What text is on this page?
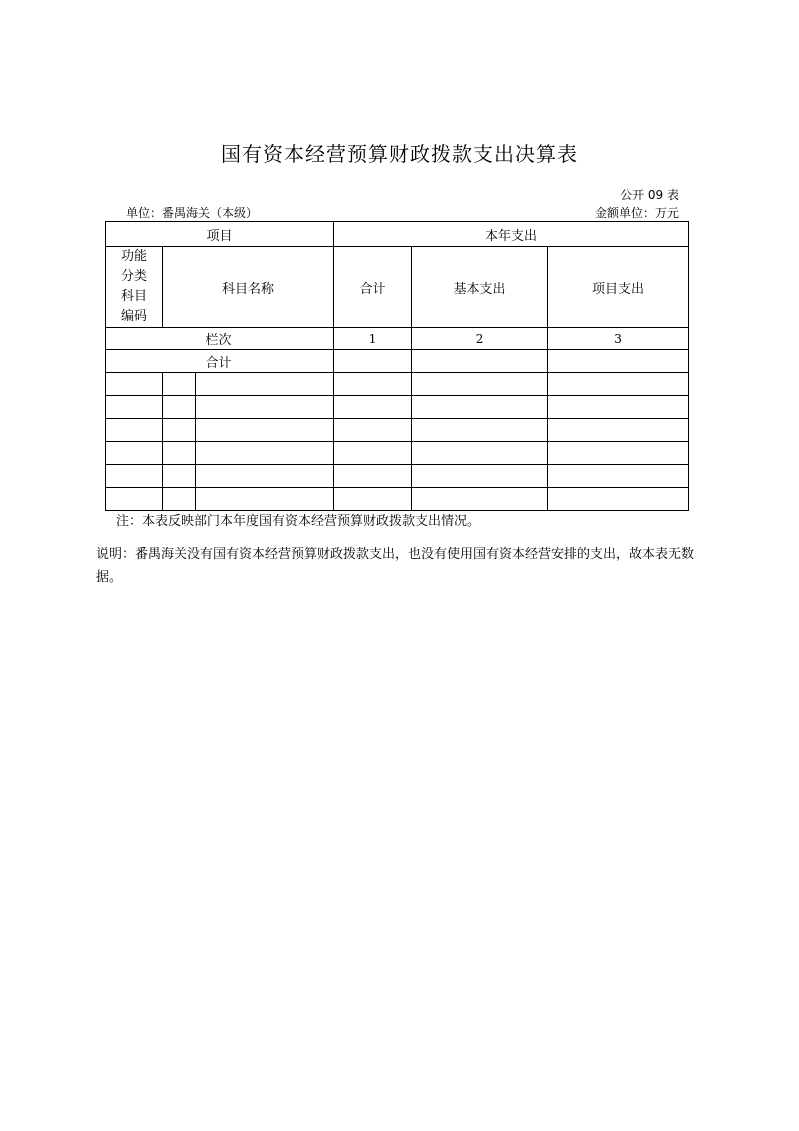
国有资本经营预算财政拨款支出决算表
公开 09 表
单位：番禺海关（本级）	金额单位：万元
项目			本年支出		

功能
分类
科目
编码	科目名称		合计	基本支出	项目支出
		栏次	1	2	3
		合计			

注：本表反映部门本年度国有资本经营预算财政拨款支出情况。
说明：番禺海关没有国有资本经营预算财政拨款支出，也没有使用国有资本经营安排的支出，故本表无数据。
